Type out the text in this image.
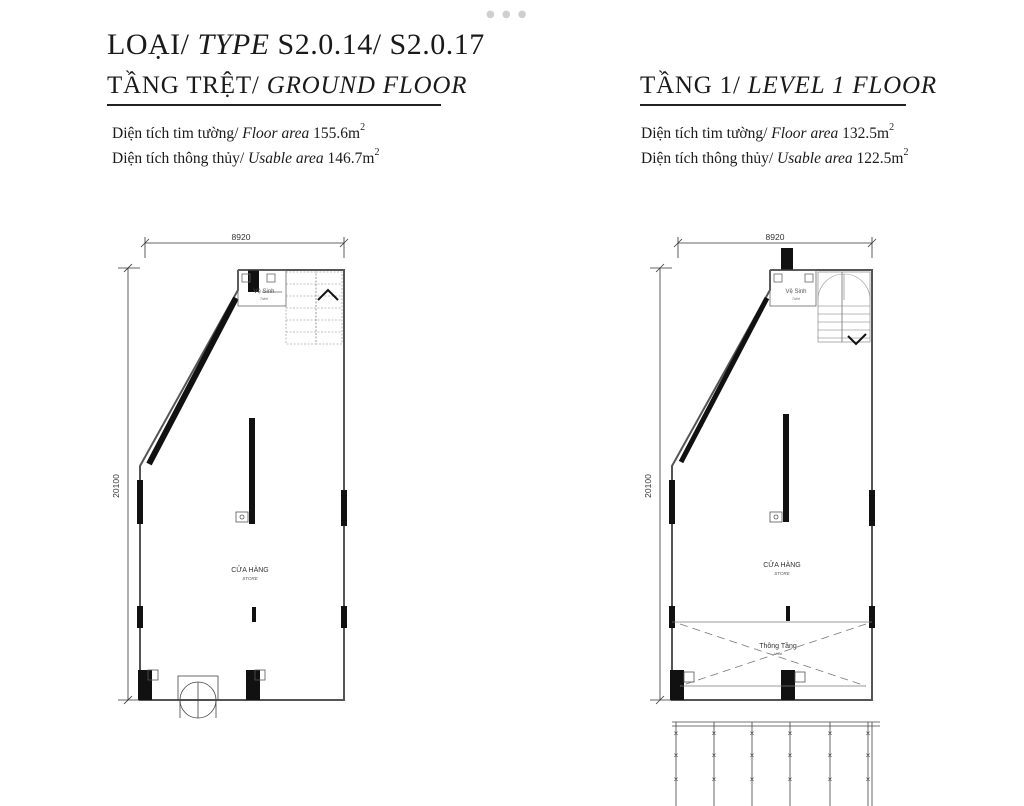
● ● ●
LOẠI/ TYPE S2.0.14/ S2.0.17
TẦNG TRỆT/ GROUND FLOOR
Diện tích tim tường/ Floor area $155.6m^2$
Diện tích thông thủy/ Usable area $146.7m^2$
TẦNG 1/ LEVEL 1 FLOOR
Diện tích tim tường/ Floor area $132.5m^2$
Diện tích thông thủy/ Usable area $122.5m^2$
8920
20100
Vệ Sinh
Toilet
CỬA HÀNG
STORE
8920
20100
Vệ Sinh
Toilet
Thông Tầng
Void
CỬA HÀNG
STORE
×	×	×	×	×	×
×	×	×	×	×	×
×	×	×	×	×	×
